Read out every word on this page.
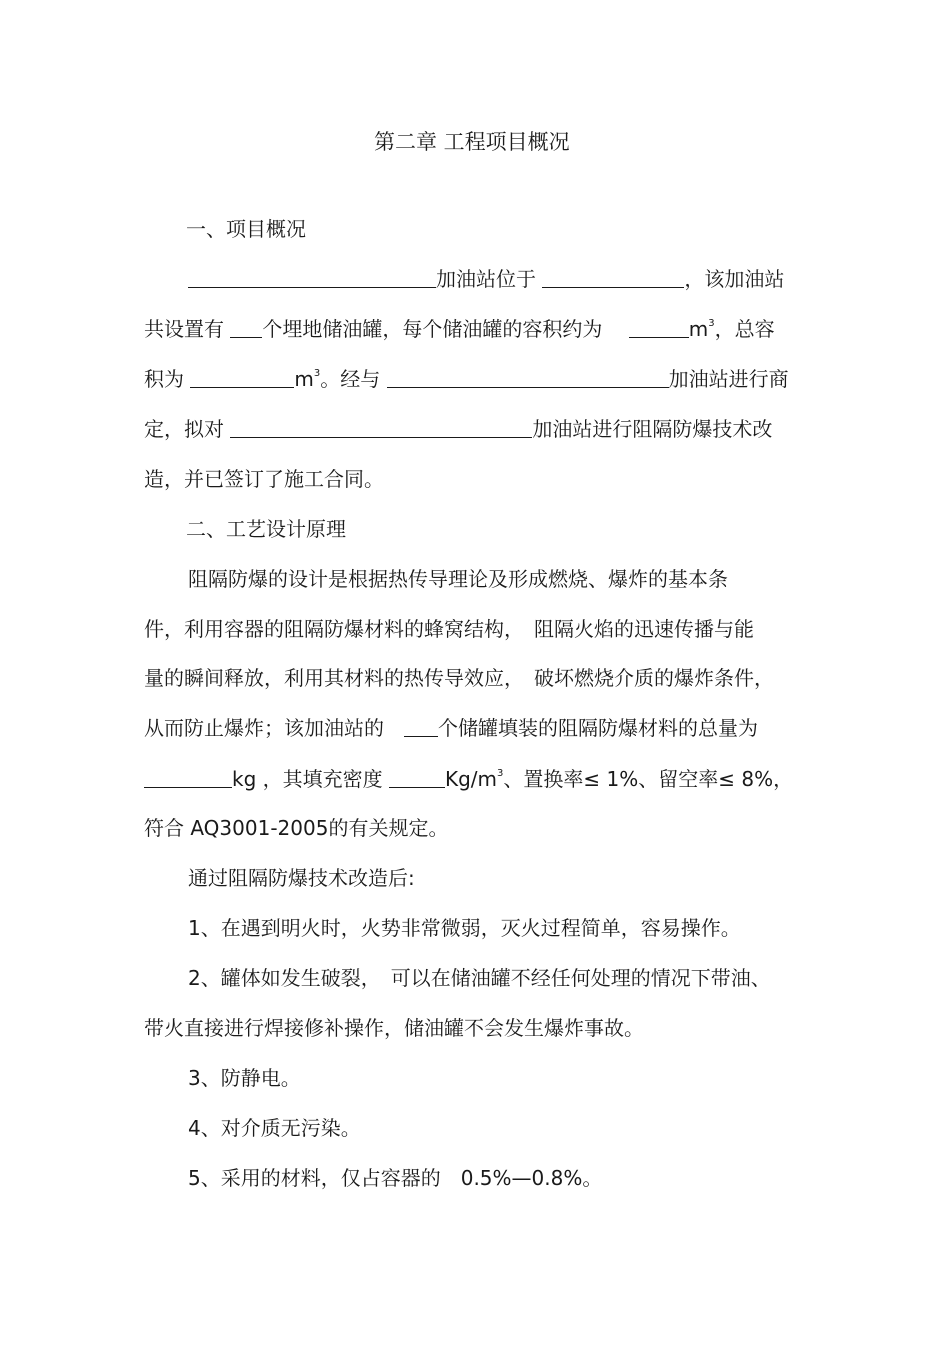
第二章 工程项目概况
一、项目概况
加油站位于	，该加油站
共设置有 个埋地储油罐，每个储油罐的容积约为　	$m^3$，总容
积为	$m^3$。经与	加油站进行商
定，拟对	加油站进行阻隔防爆技术改
造，并已签订了施工合同。
二、工艺设计原理
阻隔防爆的设计是根据热传导理论及形成燃烧、爆炸的基本条
件，利用容器的阻隔防爆材料的蜂窝结构，　阻隔火焰的迅速传播与能
量的瞬间释放，利用其材料的热传导效应，　破坏燃烧介质的爆炸条件，
从而防止爆炸；该加油站的　	个储罐填装的阻隔防爆材料的总量为
kg ，其填充密度	$Kg/m^3$、置换率≤ 1%、留空率≤ 8%，
符合 AQ3001-2005的有关规定。
通过阻隔防爆技术改造后:
1、在遇到明火时，火势非常微弱，灭火过程简单，容易操作。
2、罐体如发生破裂，　可以在储油罐不经任何处理的情况下带油、
带火直接进行焊接修补操作，储油罐不会发生爆炸事故。
3、防静电。
4、对介质无污染。
5、采用的材料，仅占容器的　0.5%—0.8%。
